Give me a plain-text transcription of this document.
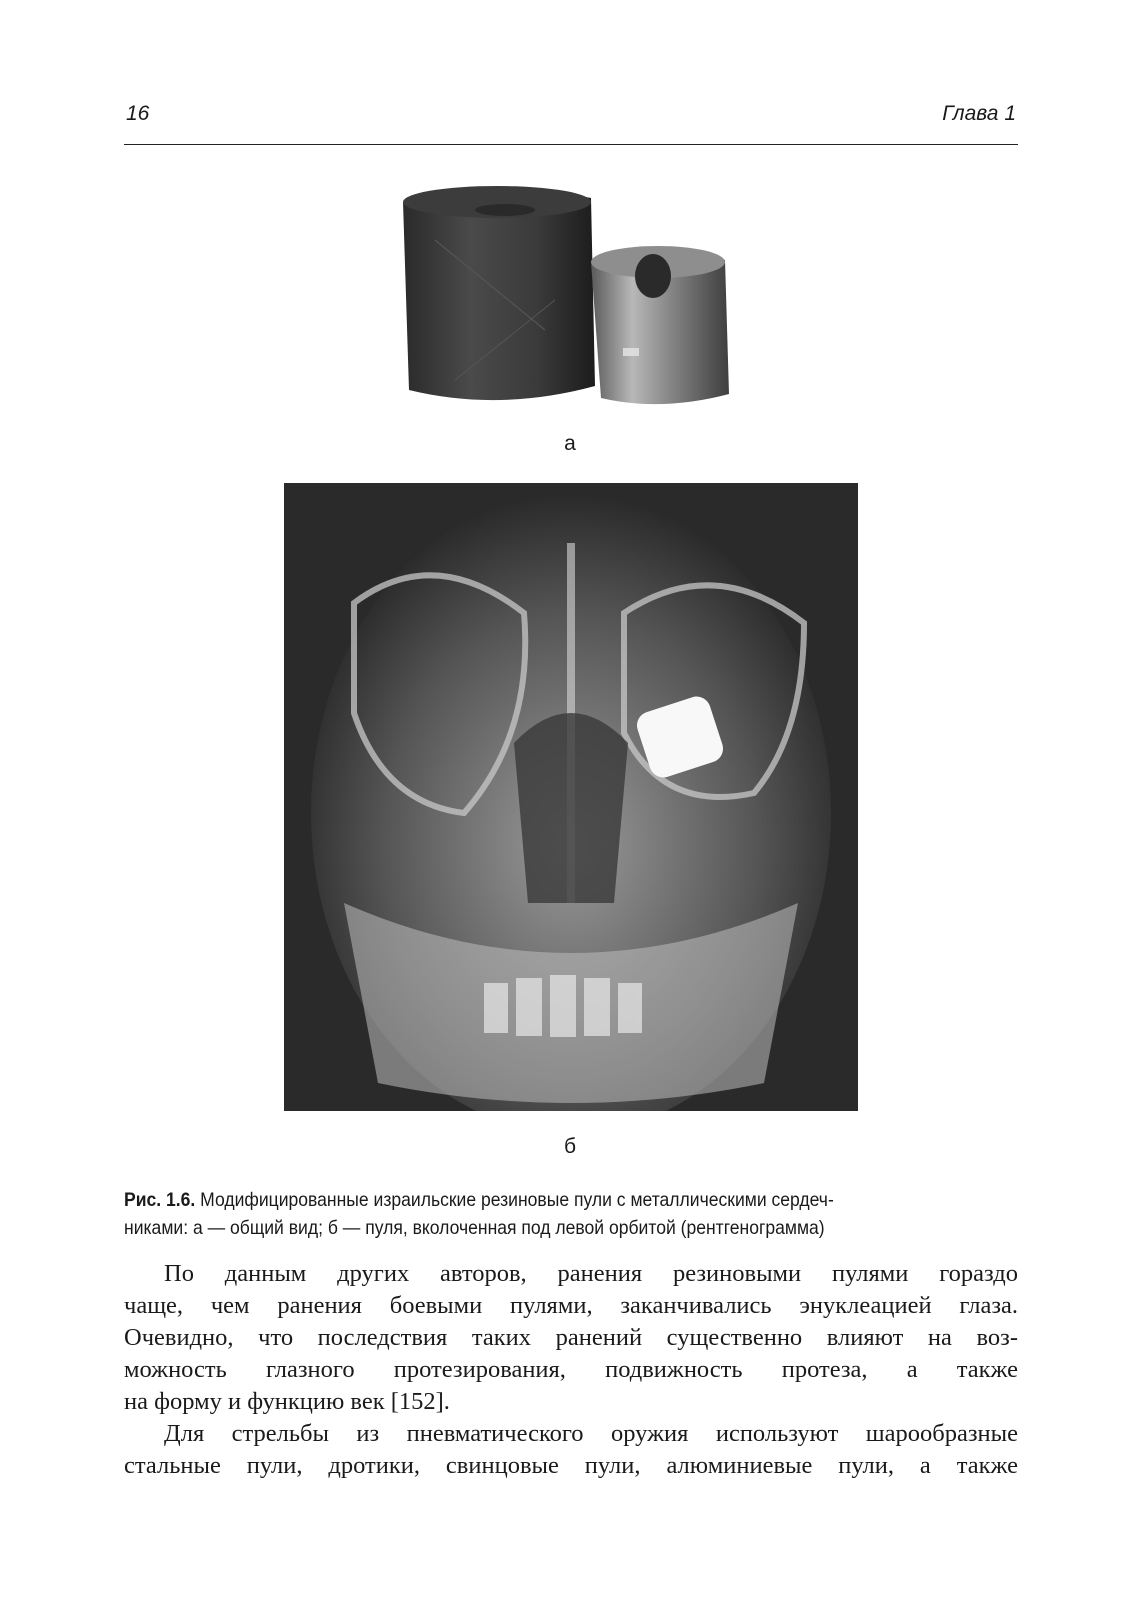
16	Глава 1
а
б
Рис. 1.6. Модифицированные израильские резиновые пули с металлическими сердеч-
никами: а — общий вид; б — пуля, вколоченная под левой орбитой (рентгенограмма)
По данным других авторов, ранения резиновыми пулями гораздо
чаще, чем ранения боевыми пулями, заканчивались энуклеацией глаза.
Очевидно, что последствия таких ранений существенно влияют на воз-
можность глазного протезирования, подвижность протеза, а также
на форму и функцию век [152].
Для стрельбы из пневматического оружия используют шарообразные
стальные пули, дротики, свинцовые пули, алюминиевые пули, а также
